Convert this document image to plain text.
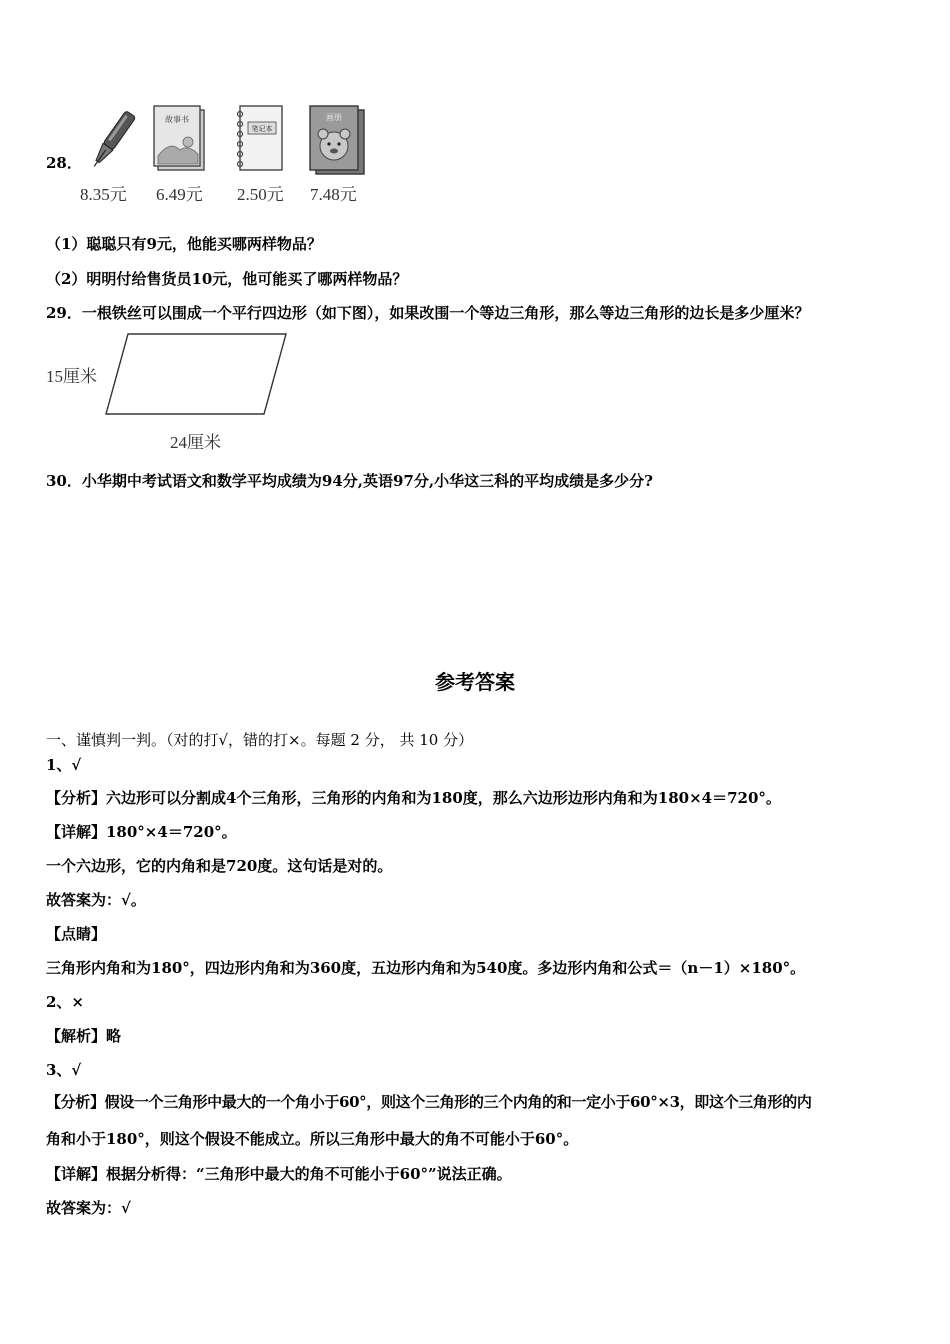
28．
故事书
笔记本
画册
8.35元 6.49元 2.50元 7.48元
（1）聪聪只有9元，他能买哪两样物品？
（2）明明付给售货员10元，他可能买了哪两样物品？
29．一根铁丝可以围成一个平行四边形（如下图），如果改围一个等边三角形，那么等边三角形的边长是多少厘米？
15厘米
24厘米
30．小华期中考试语文和数学平均成绩为94分,英语97分,小华这三科的平均成绩是多少分?
参考答案
一、谨慎判一判。（对的打√，错的打×。每题 2 分， 共 10 分）
1、√
【分析】六边形可以分割成4个三角形，三角形的内角和为180度，那么六边形边形内角和为180×4＝720°。
【详解】180°×4＝720°。
一个六边形，它的内角和是720度。这句话是对的。
故答案为：√。
【点睛】
三角形内角和为180°，四边形内角和为360度，五边形内角和为540度。多边形内角和公式＝（n－1）×180°。
2、×
【解析】略
3、√
【分析】假设一个三角形中最大的一个角小于60°，则这个三角形的三个内角的和一定小于60°×3，即这个三角形的内
角和小于180°，则这个假设不能成立。所以三角形中最大的角不可能小于60°。
【详解】根据分析得：“三角形中最大的角不可能小于60°”说法正确。
故答案为：√
